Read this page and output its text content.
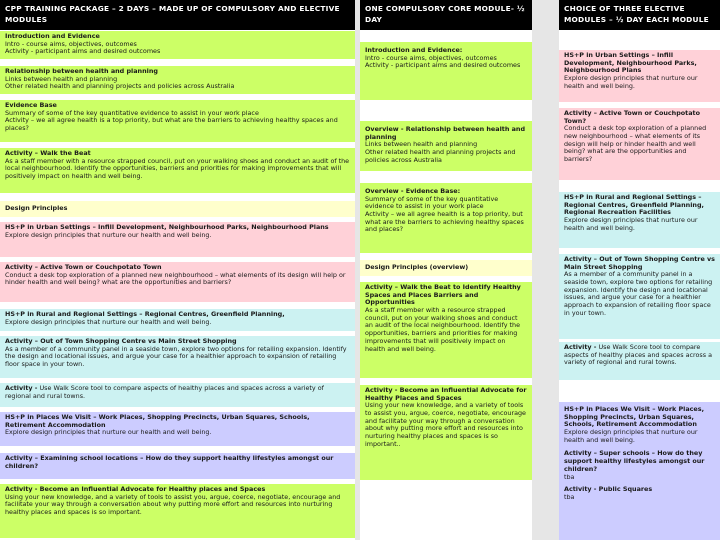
CPP TRAINING PACKAGE – 2 DAYS – MADE UP OF COMPULSORY AND ELECTIVE MODULES
ONE COMPULSORY CORE MODULE- ½ DAY
CHOICE OF THREE ELECTIVE MODULES – ½ DAY EACH MODULE
Introduction and Evidence
Intro - course aims, objectives, outcomes
Activity - participant aims and desired outcomes
Relationship between health and planning
Links between health and planning
Other related health and planning projects and policies across Australia
Evidence Base
Summary of some of the key quantitative evidence to assist in your work place
Activity – we all agree health is a top priority, but what are the barriers to achieving healthy spaces and places?
Activity – Walk the Beat
As a staff member with a resource strapped council, put on your walking shoes and conduct an audit of the local neighbourhood. Identify the opportunities, barriers and priorities for making improvements that will positively impact on health and well being.
Design Principles
HS+P in Urban Settings – Infill Development, Neighbourhood Parks, Neighbourhood Plans
Explore design principles that nurture our health and well being.
Activity – Active Town or Couchpotato Town
Conduct a desk top exploration of a planned new neighbourhood – what elements of its design will help or hinder health and well being? what are the opportunities and barriers?
HS+P in Rural and Regional Settings – Regional Centres, Greenfield Planning,
Explore design principles that nurture our health and well being.
Activity – Out of Town Shopping Centre vs Main Street Shopping
As a member of a community panel in a seaside town, explore two options for retailing expansion. Identify the design and locational issues, and argue your case for a healthier approach to expansion of retailing floor space in your town.
Activity - Use Walk Score tool to compare aspects of healthy places and spaces across a variety of regional and rural towns.
HS+P in Places We Visit – Work Places, Shopping Precincts, Urban Squares, Schools, Retirement Accommodation
Explore design principles that nurture our health and well being.
Activity – Examining school locations – How do they support healthy lifestyles amongst our children?
Activity - Become an Influential Advocate for Healthy places and Spaces
Using your new knowledge, and a variety of tools to assist you, argue, coerce, negotiate, encourage and facilitate your way through a conversation about why putting more effort and resources into nurturing healthy places and spaces is so important.
Introduction and Evidence:
Intro - course aims, objectives, outcomes
Activity - participant aims and desired outcomes
Overview - Relationship between health and planning
Links between health and planning
Other related health and planning projects and policies across Australia
Overview - Evidence Base:
Summary of some of the key quantitative evidence to assist in your work place
Activity – we all agree health is a top priority, but what are the barriers to achieving healthy spaces and places?
Design Principles (overview)
Activity – Walk the Beat to Identify Healthy Spaces and Places Barriers and Opportunities
As a staff member with a resource strapped council, put on your walking shoes and conduct an audit of the local neighbourhood. Identify the opportunities, barriers and priorities for making improvements that will positively impact on health and well being.
Activity - Become an Influential Advocate for Healthy Places and Spaces
Using your new knowledge, and a variety of tools to assist you, argue, coerce, negotiate, encourage and facilitate your way through a conversation about why putting more effort and resources into nurturing healthy places and spaces is so important..
HS+P in Urban Settings – Infill Development, Neighbourhood Parks, Neighbourhood Plans
Explore design principles that nurture our health and well being.
Activity – Active Town or Couchpotato Town?
Conduct a desk top exploration of a planned new neighbourhood – what elements of its design will help or hinder health and well being? what are the opportunities and barriers?
HS+P in Rural and Regional Settings – Regional Centres, Greenfield Planning, Regional Recreation Facilities
Explore design principles that nurture our health and well being.
Activity – Out of Town Shopping Centre vs Main Street Shopping
As a member of a community panel in a seaside town, explore two options for retailing expansion. Identify the design and locational issues, and argue your case for a healthier approach to expansion of retailing floor space in your town.
Activity - Use Walk Score tool to compare aspects of healthy places and spaces across a variety of regional and rural towns.
HS+P in Places We Visit – Work Places, Shopping Precincts, Urban Squares, Schools, Retirement Accommodation
Explore design principles that nurture our health and well being.
Activity – Super schools – How do they support healthy lifestyles amongst our children?
tba
Activity - Public Squares
tba
